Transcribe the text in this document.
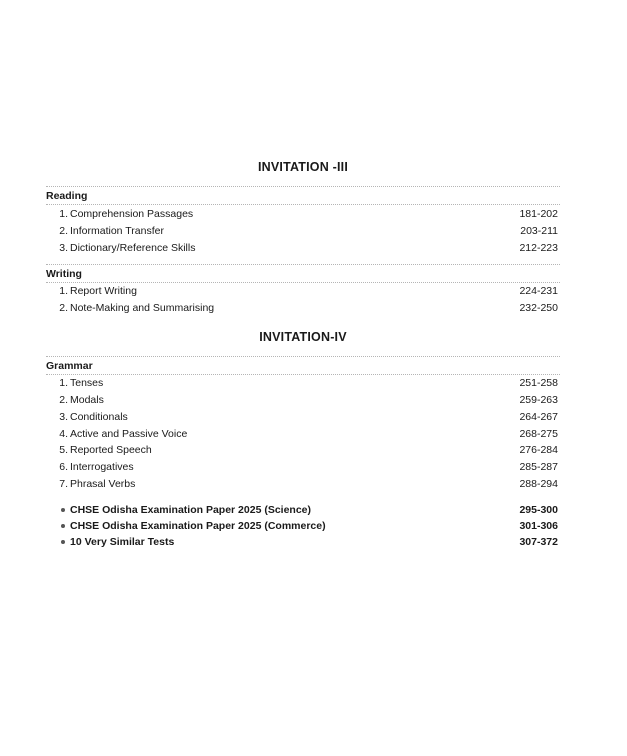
INVITATION -III
Reading
1. Comprehension Passages	181-202
2. Information Transfer	203-211
3. Dictionary/Reference Skills	212-223
Writing
1. Report Writing	224-231
2. Note-Making and Summarising	232-250
INVITATION-IV
Grammar
1. Tenses	251-258
2. Modals	259-263
3. Conditionals	264-267
4. Active and Passive Voice	268-275
5. Reported Speech	276-284
6. Interrogatives	285-287
7. Phrasal Verbs	288-294
CHSE Odisha Examination Paper 2025 (Science)	295-300
CHSE Odisha Examination Paper 2025 (Commerce)	301-306
10 Very Similar Tests	307-372
